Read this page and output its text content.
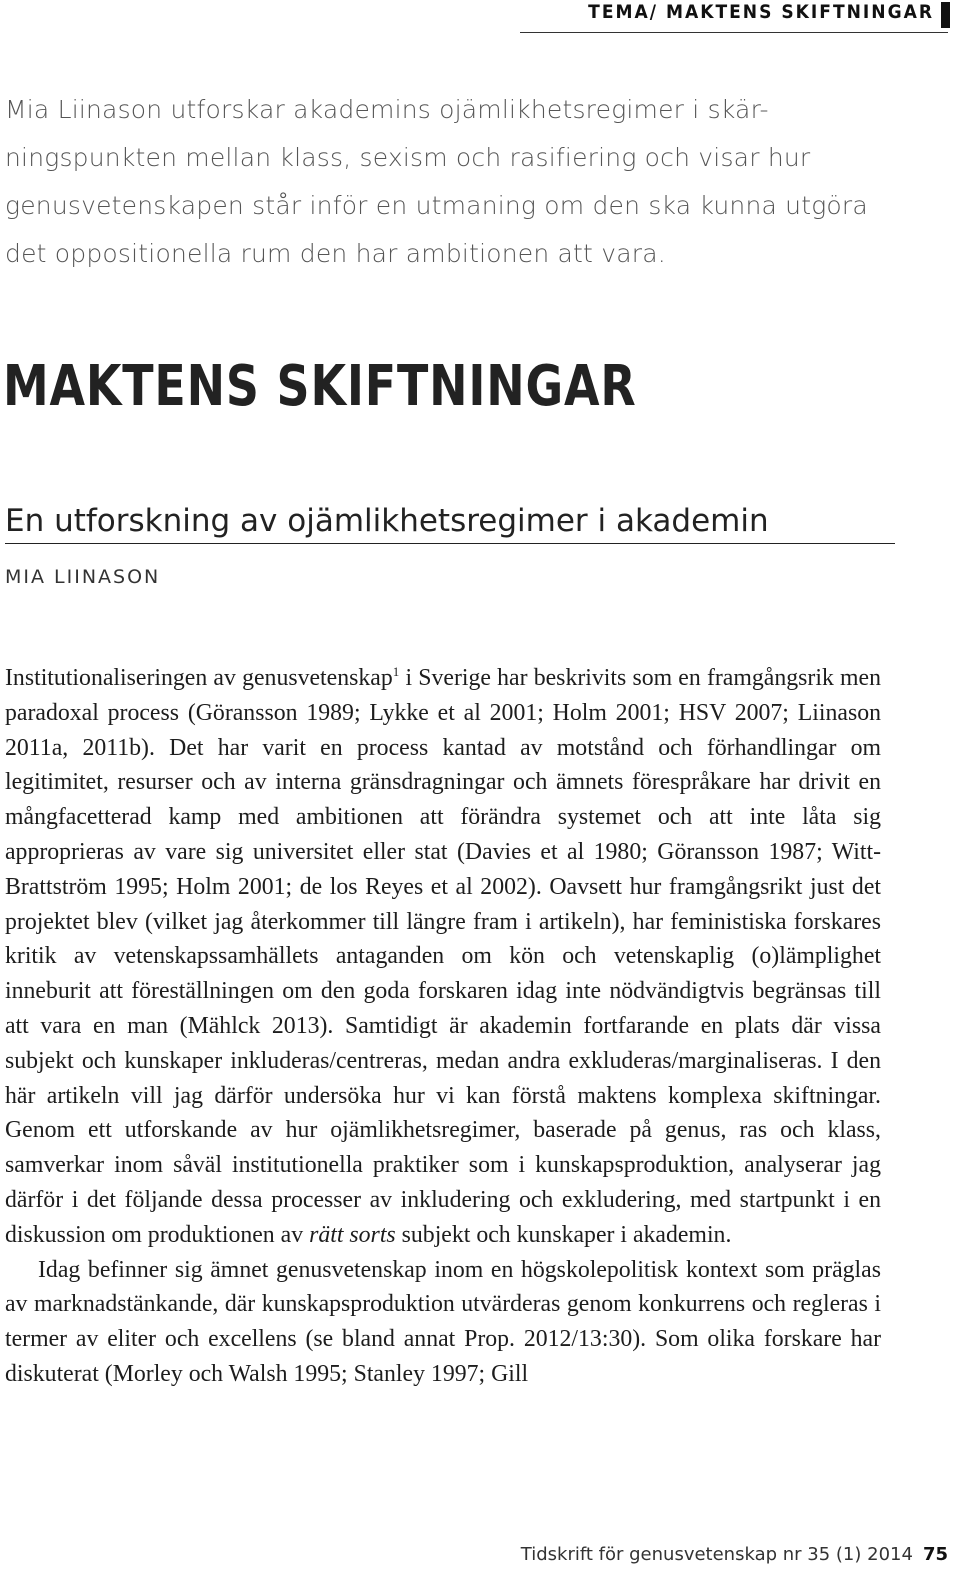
TEMA/ MAKTENS SKIFTNINGAR
Mia Liinason utforskar akademins ojämlikhetsregimer i skär-ningspunkten mellan klass, sexism och rasifiering och visar hur genusvetenskapen står inför en utmaning om den ska kunna utgöra det oppositionella rum den har ambitionen att vara.
MAKTENS SKIFTNINGAR
En utforskning av ojämlikhetsregimer i akademin
MIA LIINASON

Institutionaliseringen av genusvetenskap$^1$ i Sverige har beskrivits som en framgångsrik men paradoxal process (Göransson 1989; Lykke et al 2001; Holm 2001; HSV 2007; Liinason 2011a, 2011b). Det har varit en process kantad av motstånd och förhandlingar om legitimitet, resurser och av interna gränsdragningar och ämnets förespråkare har drivit en mångfacetterad kamp med ambitionen att förändra systemet och att inte låta sig approprieras av vare sig universitet eller stat (Davies et al 1980; Göransson 1987; Witt-Brattström 1995; Holm 2001; de los Reyes et al 2002). Oavsett hur framgångsrikt just det projektet blev (vilket jag återkommer till längre fram i artikeln), har feministiska forskares kritik av vetenskapssamhällets antaganden om kön och vetenskaplig (o)lämplighet inneburit att föreställningen om den goda forskaren idag inte nödvändigtvis begränsas till att vara en man (Mählck 2013). Samtidigt är akademin fortfarande en plats där vissa subjekt och kunskaper inkluderas/centreras, medan andra exkluderas/marginaliseras. I den här artikeln vill jag därför undersöka hur vi kan förstå maktens komplexa skiftningar. Genom ett utforskande av hur ojämlikhetsregimer, baserade på genus, ras och klass, samverkar inom såväl institutionella praktiker som i kunskapsproduktion, analyserar jag därför i det följande dessa processer av inkludering och exkludering, med startpunkt i en diskussion om produktionen av rätt sorts subjekt och kunskaper i akademin.

Idag befinner sig ämnet genusvetenskap inom en högskolepolitisk kontext som präglas av marknadstänkande, där kunskapsproduktion utvärderas genom konkurrens och regleras i termer av eliter och excellens (se bland annat Prop. 2012/13:30). Som olika forskare har diskuterat (Morley och Walsh 1995; Stanley 1997; Gill

Tidskrift för genusvetenskap nr 35 (1) 2014 75
